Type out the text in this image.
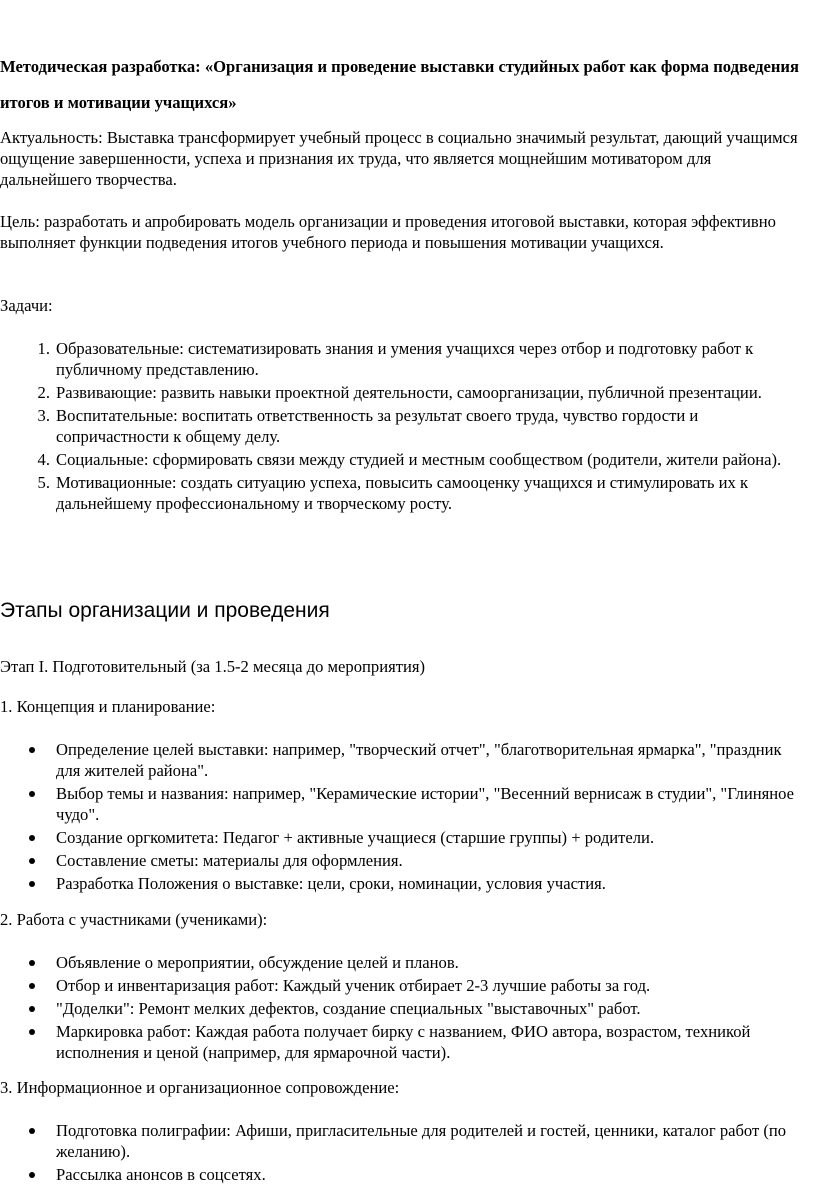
Методическая разработка: «Организация и проведение выставки студийных работ как форма подведения итогов и мотивации учащихся»

Актуальность: Выставка трансформирует учебный процесс в социально значимый результат, дающий учащимся ощущение завершенности, успеха и признания их труда, что является мощнейшим мотиватором для дальнейшего творчества.

Цель: разработать и апробировать модель организации и проведения итоговой выставки, которая эффективно выполняет функции подведения итогов учебного периода и повышения мотивации учащихся.

Задачи:

1. Образовательные: систематизировать знания и умения учащихся через отбор и подготовку работ к публичному представлению.
2. Развивающие: развить навыки проектной деятельности, самоорганизации, публичной презентации.
3. Воспитательные: воспитать ответственность за результат своего труда, чувство гордости и сопричастности к общему делу.
4. Социальные: сформировать связи между студией и местным сообществом (родители, жители района).
5. Мотивационные: создать ситуацию успеха, повысить самооценку учащихся и стимулировать их к дальнейшему профессиональному и творческому росту.
Этапы организации и проведения

Этап I. Подготовительный (за 1.5-2 месяца до мероприятия)

1. Концепция и планирование:

Определение целей выставки: например, "творческий отчет", "благотворительная ярмарка", "праздник для жителей района".
Выбор темы и названия: например, "Керамические истории", "Весенний вернисаж в студии", "Глиняное чудо".
Создание оргкомитета: Педагог + активные учащиеся (старшие группы) + родители.
Составление сметы: материалы для оформления.
Разработка Положения о выставке: цели, сроки, номинации, условия участия.

2. Работа с участниками (учениками):

Объявление о мероприятии, обсуждение целей и планов.
Отбор и инвентаризация работ: Каждый ученик отбирает 2-3 лучшие работы за год.
"Доделки": Ремонт мелких дефектов, создание специальных "выставочных" работ.
Маркировка работ: Каждая работа получает бирку с названием, ФИО автора, возрастом, техникой исполнения и ценой (например, для ярмарочной части).

3. Информационное и организационное сопровождение:

Подготовка полиграфии: Афиши, пригласительные для родителей и гостей, ценники, каталог работ (по желанию).
Рассылка анонсов в соцсетях.
